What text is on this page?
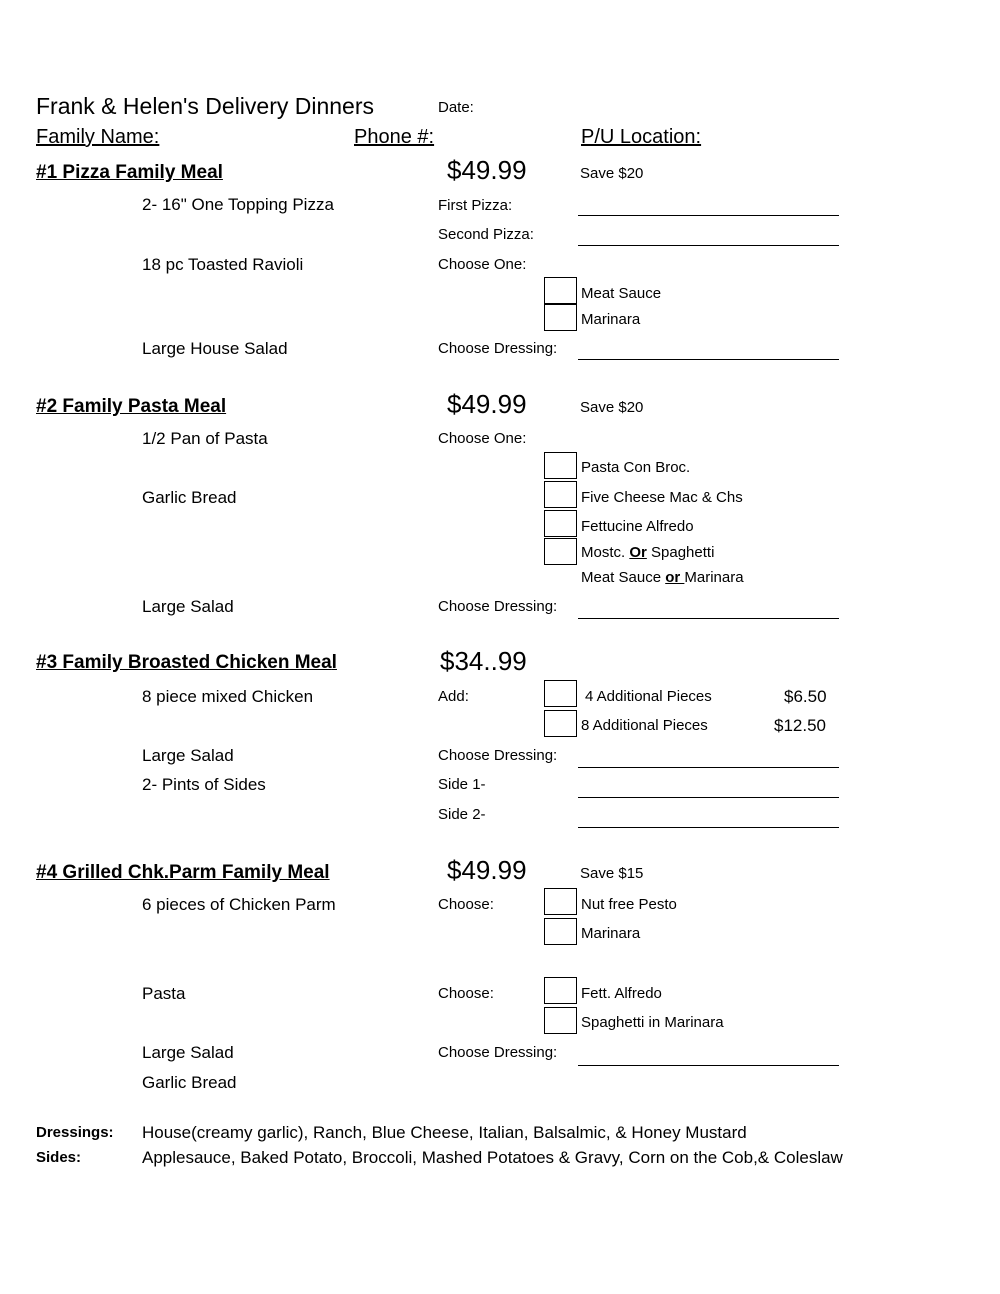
Frank & Helen's Delivery Dinners	Date:
Family Name:	Phone #:	P/U Location:
#1 Pizza Family Meal	$49.99	Save $20
2- 16" One Topping Pizza	First Pizza:
Second Pizza:
18 pc Toasted Ravioli	Choose One:
Meat Sauce
Marinara
Large House Salad	Choose Dressing:
#2 Family Pasta Meal	$49.99	Save $20
1/2 Pan of Pasta	Choose One:
Pasta Con Broc.
Garlic Bread	Five Cheese Mac & Chs
Fettucine Alfredo
Mostc. Or Spaghetti
Meat Sauce or Marinara
Large Salad	Choose Dressing:
#3 Family Broasted Chicken Meal	$34..99
8 piece mixed Chicken	Add:	4 Additional Pieces	$6.50
8 Additional Pieces	$12.50
Large Salad	Choose Dressing:
2- Pints of Sides	Side 1-
Side 2-
#4 Grilled Chk.Parm Family Meal	$49.99	Save $15
6 pieces of Chicken Parm	Choose:	Nut free Pesto
Marinara
Pasta	Choose:	Fett. Alfredo
Spaghetti in Marinara
Large Salad	Choose Dressing:
Garlic Bread
Dressings: House(creamy garlic), Ranch, Blue Cheese, Italian, Balsalmic, & Honey Mustard
Sides:	Applesauce, Baked Potato, Broccoli, Mashed Potatoes & Gravy, Corn on the Cob,& Coleslaw
